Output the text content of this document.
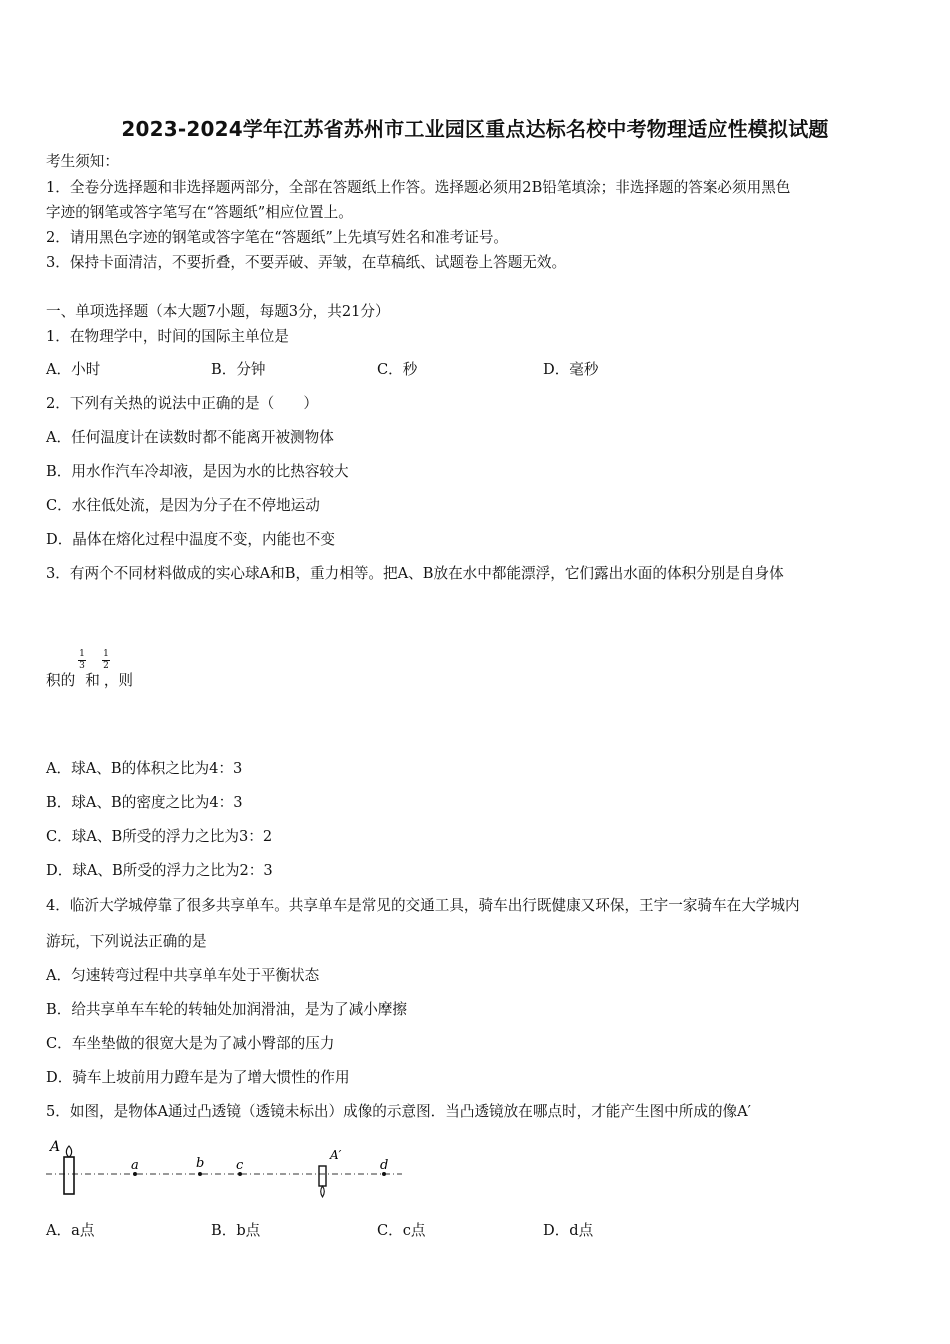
2023-2024学年江苏省苏州市工业园区重点达标名校中考物理适应性模拟试题
考生须知：
1．全卷分选择题和非选择题两部分，全部在答题纸上作答。选择题必须用2B铅笔填涂；非选择题的答案必须用黑色
字迹的钢笔或答字笔写在“答题纸”相应位置上。
2．请用黑色字迹的钢笔或答字笔在“答题纸”上先填写姓名和准考证号。
3．保持卡面清洁，不要折叠，不要弄破、弄皱，在草稿纸、试题卷上答题无效。
一、单项选择题（本大题7小题，每题3分，共21分）
1．在物理学中，时间的国际主单位是
A．小时	B．分钟	C．秒	D．毫秒
2．下列有关热的说法中正确的是（　　）
A．任何温度计在读数时都不能离开被测物体
B．用水作汽车冷却液，是因为水的比热容较大
C．水往低处流，是因为分子在不停地运动
D．晶体在熔化过程中温度不变，内能也不变
3．有两个不同材料做成的实心球A和B，重力相等。把A、B放在水中都能漂浮，它们露出水面的体积分别是自身体
积的 和 ，则
1
3
1
2
A．球A、B的体积之比为4：3
B．球A、B的密度之比为4：3
C．球A、B所受的浮力之比为3：2
D．球A、B所受的浮力之比为2：3
4．临沂大学城停靠了很多共享单车。共享单车是常见的交通工具，骑车出行既健康又环保，王宇一家骑车在大学城内
游玩，下列说法正确的是
A．匀速转弯过程中共享单车处于平衡状态
B．给共享单车车轮的转轴处加润滑油，是为了减小摩擦
C．车坐垫做的很宽大是为了减小臀部的压力
D．骑车上坡前用力蹬车是为了增大惯性的作用
5．如图，是物体A通过凸透镜（透镜未标出）成像的示意图．当凸透镜放在哪点时，才能产生图中所成的像A′
A
a	b c	d
A′
A．a点	B．b点	C．c点	D．d点
